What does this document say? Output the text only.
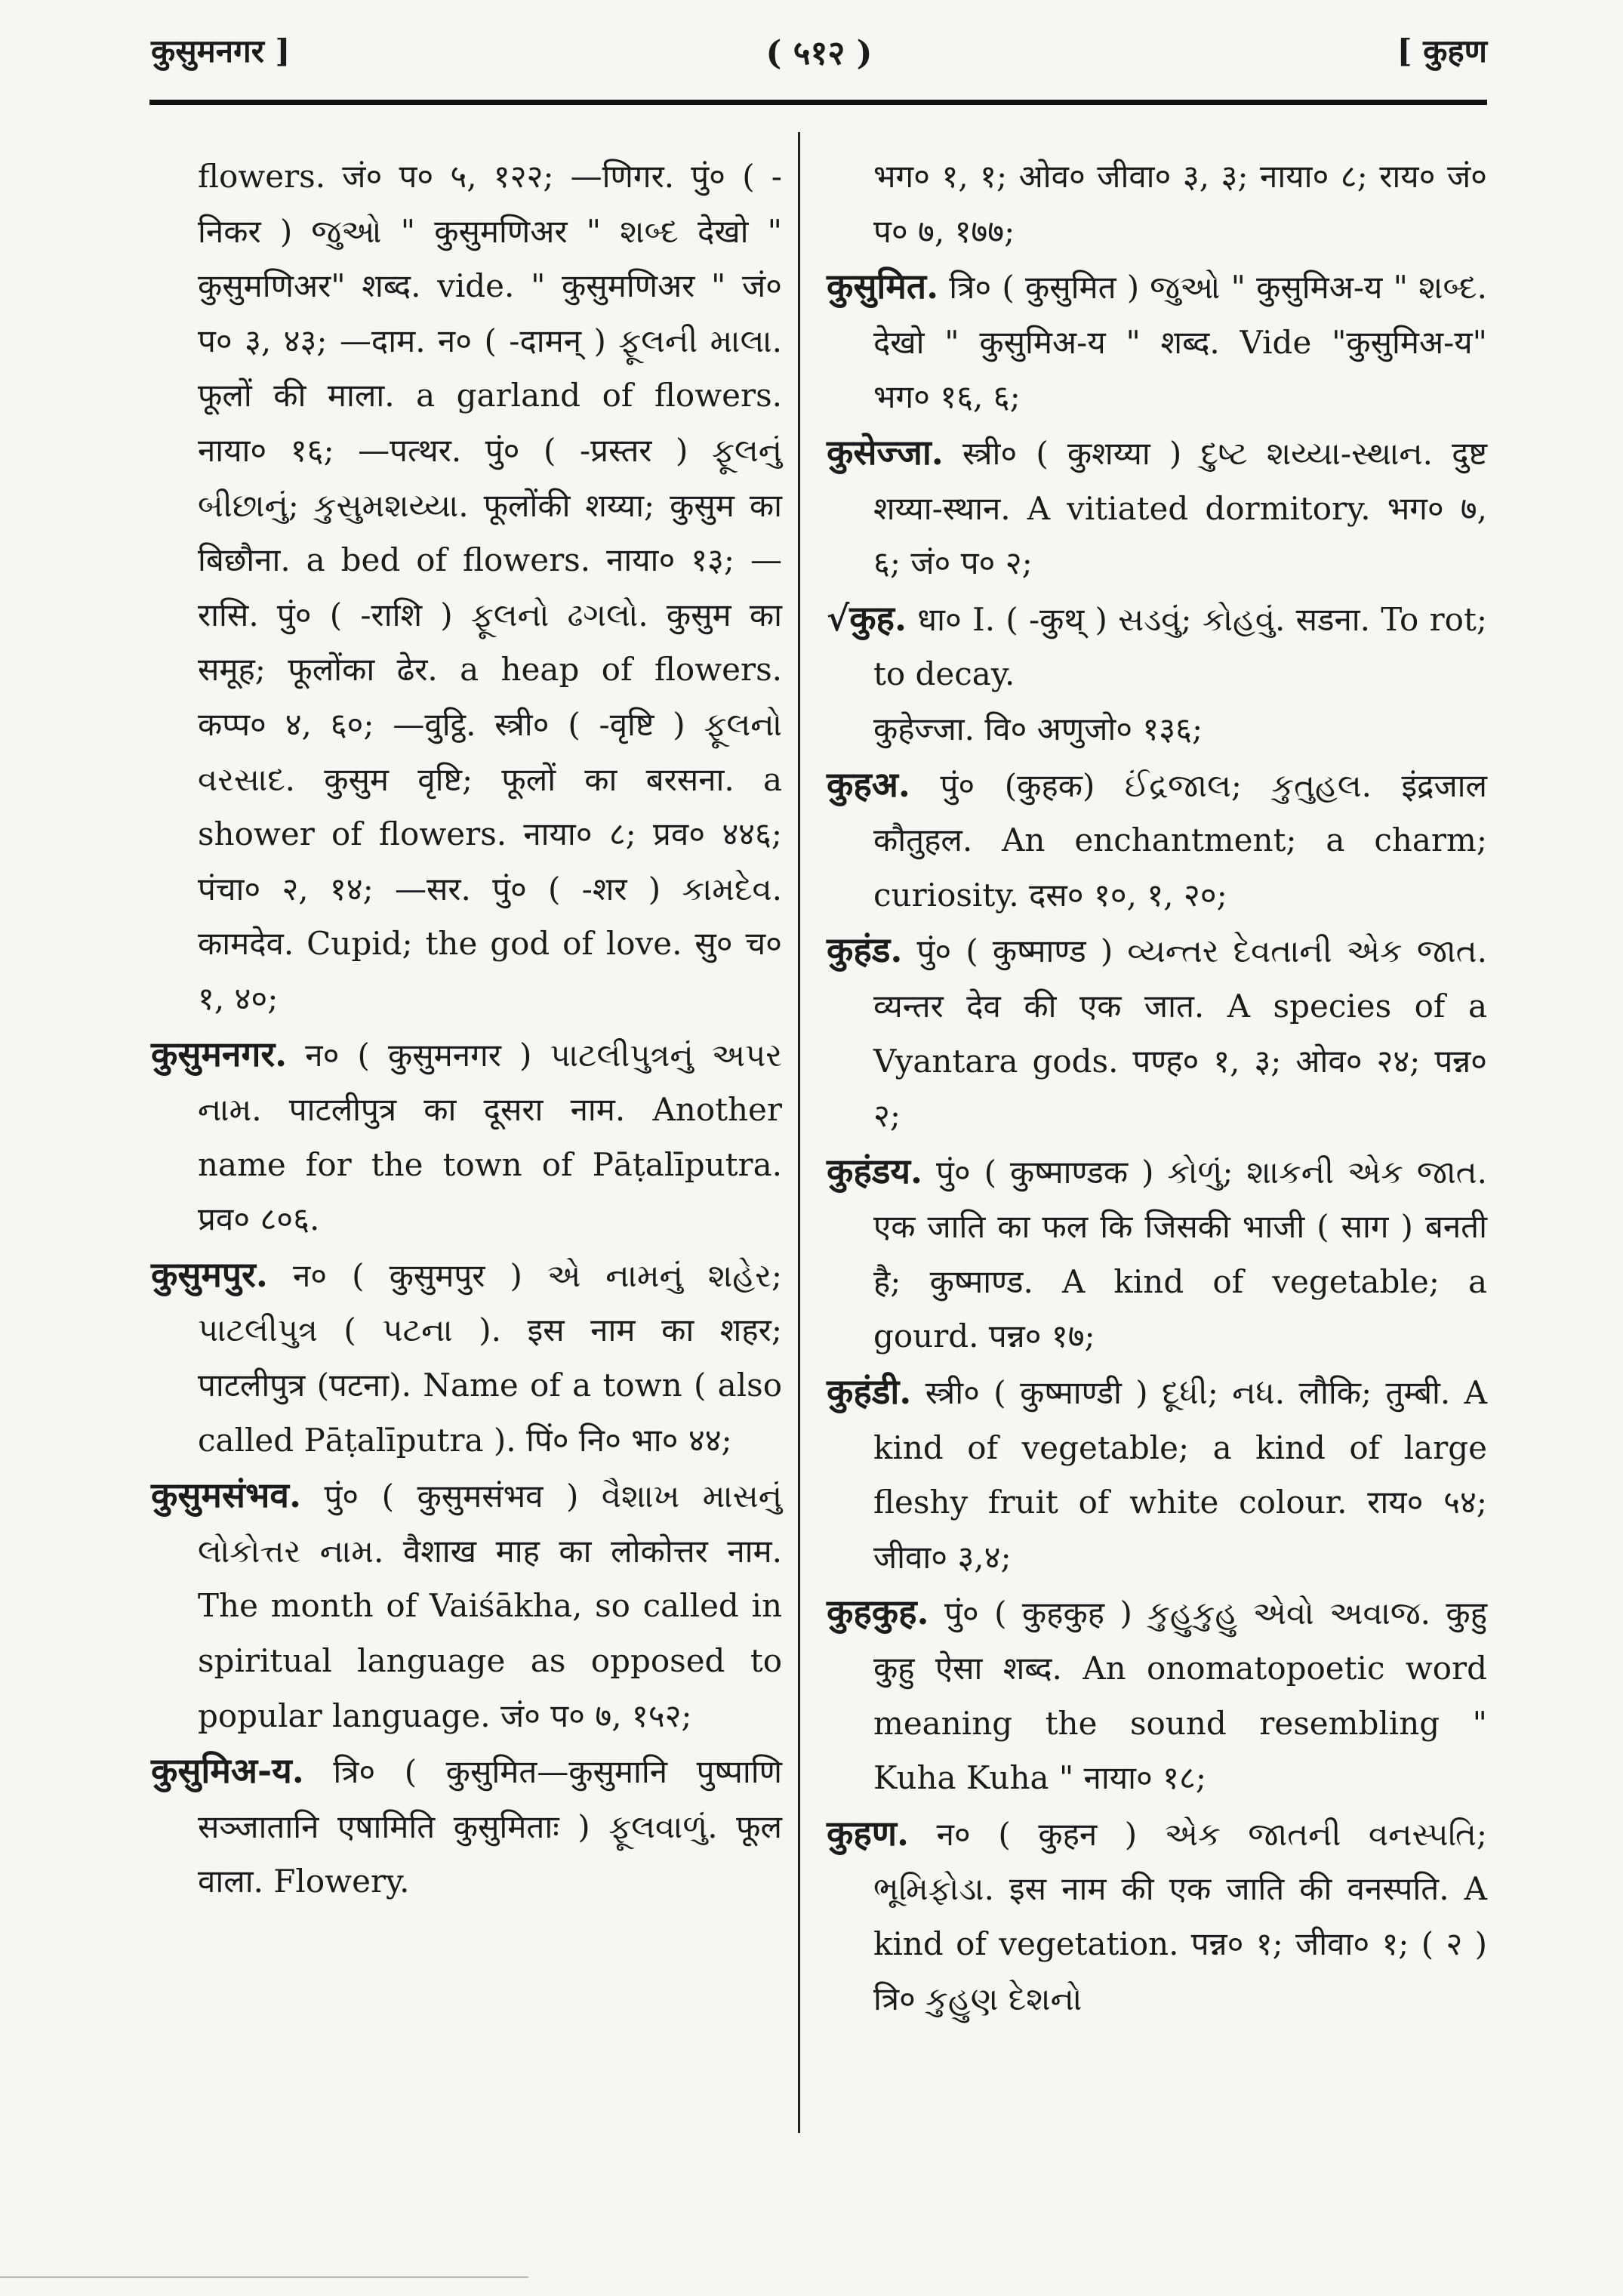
कुसुमनगर ]	( ५१२ )	[ कुहण

flowers. जं० प० ५, १२२; —णिगर. पुं० ( -निकर ) જુઓ " कुसुमणिअर " શબ્દ देखो " कुसुमणिअर" शब्द. vide. " कुसुमणिअर " जं० प० ३, ४३; —दाम. न० ( -दामन् ) ફૂલની માલા. फूलों की माला. a garland of flowers. नाया० १६; —पत्थर. पुं० ( -प्रस्तर ) ફૂલનું બીછાનું; કુસુમશય્યા. फूलोंकी शय्या; कुसुम का बिछौना. a bed of flowers. नाया० १३; —रासि. पुं० ( -राशि ) ફૂલનો ઢગલો. कुसुम का समूह; फूलोंका ढेर. a heap of flowers. कप्प० ४, ६०; —वुट्ठि. स्त्री० ( -वृष्टि ) ફૂલનો વરસાદ. कुसुम वृष्टि; फूलों का बरसना. a shower of flowers. नाया० ८; प्रव० ४४६; पंचा० २, १४; —सर. पुं० ( -शर ) કામદેવ. कामदेव. Cupid; the god of love. सु० च० १, ४०;

कुसुमनगर. न० ( कुसुमनगर ) પાટલીપુત્રનું અપર નામ. पाटलीपुत्र का दूसरा नाम. Another name for the town of Pāṭalīputra. प्रव० ८०६.

कुसुमपुर. न० ( कुसुमपुर ) એ નામનું શહેર; પાટલીપુત્ર ( પટના ). इस नाम का शहर; पाटलीपुत्र (पटना). Name of a town ( also called Pāṭalīputra ). पिं० नि० भा० ४४;

कुसुमसंभव. पुं० ( कुसुमसंभव ) વૈશાખ માસનું લોકોત્તર નામ. वैशाख माह का लोकोत्तर नाम. The month of Vaiśākha, so called in spiritual language as opposed to popular language. जं० प० ७, १५२;

कुसुमिअ-य. त्रि० ( कुसुमित—कुसुमानि पुष्पाणि सञ्जातानि एषामिति कुसुमिताः ) ફૂલવાળું. फूल वाला. Flowery.

भग० १, १; ओव० जीवा० ३, ३; नाया० ८; राय० जं० प० ७, १७७;

कुसुमित. त्रि० ( कुसुमित ) જુઓ " कुसुमिअ-य " શબ્દ. देखो " कुसुमिअ-य " शब्द. Vide "कुसुमिअ-य" भग० १६, ६;

कुसेज्जा. स्त्री० ( कुशय्या ) દુષ્ટ શય્યા-સ્થાન. दुष्ट शय्या-स्थान. A vitiated dormitory. भग० ७, ६; जं० प० २;

√कुह. धा० I. ( -कुथ् ) સડવું; કોહવું. सडना. To rot; to decay.

कुहेज्जा. वि० अणुजो० १३६;

कुहअ. पुं० (कुहक) ઈંદ્રજાલ; કુતુહલ. इंद्रजाल कौतुहल. An enchantment; a charm; curiosity. दस० १०, १, २०;

कुहंड. पुं० ( कुष्माण्ड ) વ્યન્તર દેવતાની એક જાત. व्यन्तर देव की एक जात. A species of a Vyantara gods. पण्ह० १, ३; ओव० २४; पन्न० २;

कुहंडय. पुं० ( कुष्माण्डक ) કોળું; શાકની એક જાત. एक जाति का फल कि जिसकी भाजी ( साग ) बनती है; कुष्माण्ड. A kind of vegetable; a gourd. पन्न० १७;

कुहंडी. स्त्री० ( कुष्माण्डी ) દૂધી; નધ. लौकि; तुम्बी. A kind of vegetable; a kind of large fleshy fruit of white colour. राय० ५४; जीवा० ३,४;

कुहकुह. पुं० ( कुहकुह ) કુહુકુહુ એવો અવાજ. कुहु कुहु ऐसा शब्द. An onomatopoetic word meaning the sound resembling " Kuha Kuha " नाया० १८;

कुहण. न० ( कुहन ) એક જાતની વનસ્પતિ; ભૂમિફોડા. इस नाम की एक जाति की वनस्पति. A kind of vegetation. पन्न० १; जीवा० १; ( २ ) त्रि० કુહુણ દેશનો
